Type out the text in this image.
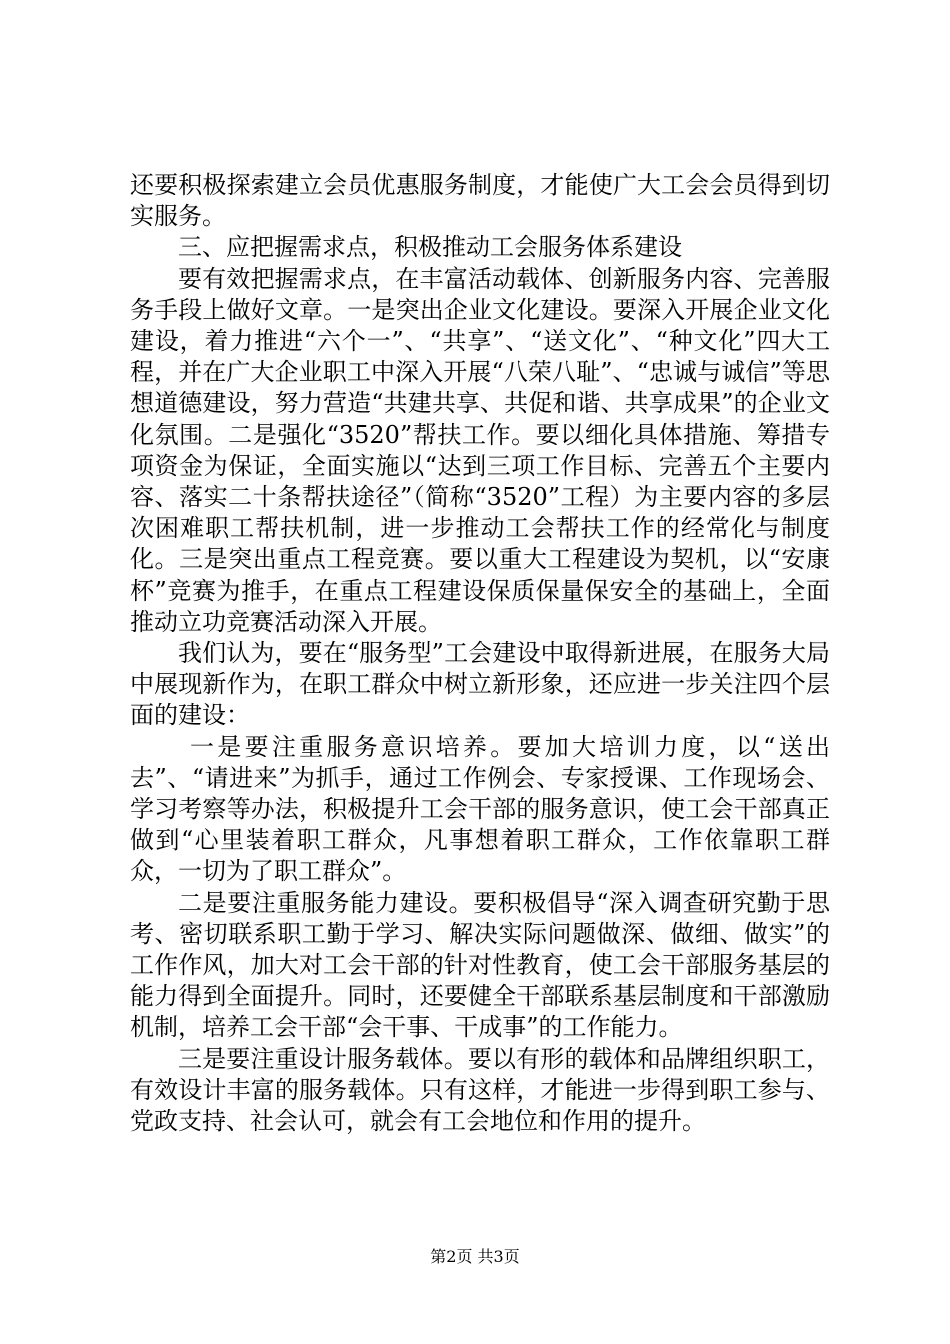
还要积极探索建立会员优惠服务制度，才能使广大工会会员得到切实服务。

三、应把握需求点，积极推动工会服务体系建设

要有效把握需求点，在丰富活动载体、创新服务内容、完善服务手段上做好文章。一是突出企业文化建设。要深入开展企业文化建设，着力推进“六个一”、“共享”、“送文化”、“种文化”四大工程，并在广大企业职工中深入开展“八荣八耻”、“忠诚与诚信”等思想道德建设，努力营造“共建共享、共促和谐、共享成果”的企业文化氛围。二是强化“3520”帮扶工作。要以细化具体措施、筹措专项资金为保证，全面实施以“达到三项工作目标、完善五个主要内容、落实二十条帮扶途径”（简称“3520”工程）为主要内容的多层次困难职工帮扶机制，进一步推动工会帮扶工作的经常化与制度化。三是突出重点工程竞赛。要以重大工程建设为契机，以“安康杯”竞赛为推手，在重点工程建设保质保量保安全的基础上，全面推动立功竞赛活动深入开展。

我们认为，要在“服务型”工会建设中取得新进展，在服务大局中展现新作为，在职工群众中树立新形象，还应进一步关注四个层面的建设：

一是要注重服务意识培养。要加大培训力度，以“送出去”、“请进来”为抓手，通过工作例会、专家授课、工作现场会、学习考察等办法，积极提升工会干部的服务意识，使工会干部真正做到“心里装着职工群众，凡事想着职工群众，工作依靠职工群众，一切为了职工群众”。

二是要注重服务能力建设。要积极倡导“深入调查研究勤于思考、密切联系职工勤于学习、解决实际问题做深、做细、做实”的工作作风，加大对工会干部的针对性教育，使工会干部服务基层的能力得到全面提升。同时，还要健全干部联系基层制度和干部激励机制，培养工会干部“会干事、干成事”的工作能力。

三是要注重设计服务载体。要以有形的载体和品牌组织职工，有效设计丰富的服务载体。只有这样，才能进一步得到职工参与、党政支持、社会认可，就会有工会地位和作用的提升。

第2页 共3页
